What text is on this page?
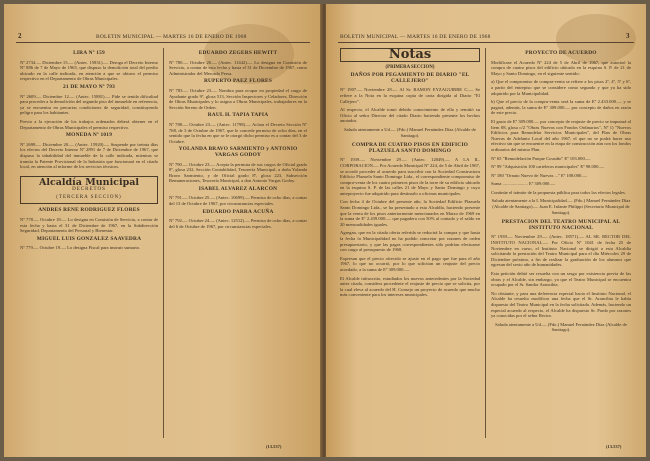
2	BOLETIN MUNICIPAL — MARTES 16 DE ENERO DE 1968
LIRA Nº 159
Nº 2734.— Diciembre 15.— (Antec. 15831).— Deroga el Decreto Interno Nº 886 de 7 de Mayo de 1965, que dispuso la demolición total del predio ubicado en la calle indicada, en atención a que se obtuvo el permiso respectivo en el Departamento de Obras Municipales.
21 DE MAYO Nº 793
Nº 2609.— Diciembre 12.— (Antec. 15881).— Pide se tenida dificultad para proceder a la demolición del segundo piso del inmueble en referencia, ya se encuentra en precarias condiciones de seguridad, constituyendo peligro para los habitantes.
Previo a la ejecución de los trabajos ordenados deberá obtener en el Departamento de Obras Municipales el permiso respectivo.
MONEDA Nº 1019
Nº 2698.— Diciembre 20.— (Antec. 15920).— Suspende por treinta días los efectos del Decreto Interno Nº 2891 de 7 de Diciembre de 1967, que dispuso la inhabilidad del inmueble de la calle indicada, mientras se tramita la Patente Provisional de la Industria que funcionará en el citado local, en atención al informe de los servicios técnicos.
Alcaldía Municipal
DECRETOS
(TERCERA SECCION)
ANDRES RENE RODRIGUEZ FLORES
Nº 778.— Octubre 18.— Lo designa en Comisión de Servicio, a contar de esta fecha y hasta el 31 de Diciembre de 1967, en la Subdirección Seguridad, Departamento del Personal y Bienestar.
MIGUEL LUIS GONZALEZ SAAVEDRA
Nº 779.— Octubre 19.— Lo designa Fiscal para instruir sumario.
EDUARDO ZEGERS HEWITT
Nº 780.— Octubre 20.— (Antec. 11442).— Lo designa en Comisión de Servicio, a contar de esta fecha y hasta el 31 de Diciembre de 1967, como Administrador del Mercado Persa.
RUPERTO PAEZ FLORES
Nº 783.— Octubre 23.— Nombra para ocupar en propiedad el cargo de Ayudante grado 9º, glosa 513, Sección Inspectores y Celadores, Dirección de Obras Municipales y lo asigna a Obras Municipales, trabajadores en la Sección Sereno de Orden.
RAUL H. TAPIA TAPIA
Nº 788.— Octubre 23.— (Antec. 11798).— Aclara el Decreto Sección Nº 768, de 3 de Octubre de 1967, que le concede permiso de ocho días, en el sentido que la fecha en que se le otorgó dicho permiso es a contar del 3 de Octubre.
YOLANDA BRAVO SARMIENTO y ANTONIO VARGAS GODOY
Nº 790.— Octubre 23.— Acepta la permuta de sus cargos de Oficial grado 8º, glosa 232, Sección Contabilidad, Tesorería Municipal, a doña Yolanda Bravo Sarmiento, y de Oficial grado 8º, glosa 223, Subsección Remuneraciones, Tesorería Municipal, a don Antonio Vargas Godoy.
ISABEL ALVAREZ ALARCON
Nº 791.— Octubre 25.— (Antec. 10699).— Permiso de ocho días, a contar del 13 de Octubre de 1967, por circunstancias especiales.
EDUARDO PARRA ACUÑA
Nº 792.— Octubre 24.— (Antec. 12512).— Permiso de ocho días, a contar del 6 de Octubre de 1967, por circunstancias especiales.
(13.537)
BOLETIN MUNICIPAL — MARTES 16 DE ENERO DE 1968	3
Notas
(PRIMERA SECCION)
DAÑOS POR PEGAMIENTO DE DIARIO "EL CALLEJERO"
Nº 1907.— Noviembre 28.— Al Sr. RAMON EYZAGUIRRE C.— Se refiere a la Nota en la esquina copia de carta dirigida al Diario "El Callejero".
Al respecto, el Alcalde tomó debido conocimiento de ella y remitió su Oficio al señor Director del citado Diario haciendo presente los hechos anotados.
Saluda atentamente a Ud.— (Fdo.) Manuel Fernández Díaz (Alcalde de Santiago).
COMPRA DE CUATRO PISOS EN EDIFICIO PLAZUELA SANTO DOMINGO
Nº 1939.— Noviembre 29.— (Antec. 12849).— A LA IL. CORPORACION.— Por Acuerdo Municipal Nº 224, de 5 de Abril de 1967, se acordó proceder al acuerdo para suscribir con la Sociedad Constructora Edificio Plazuela Santo Domingo Ltda., el correspondiente compromiso de compra-venta de los cuatro primeros pisos de la torre de su edificio ubicado en la esquina S. P. de las calles 21 de Mayo y Santo Domingo y cuyo anteproyecto fue adquirido para destinarlo a oficinas municipales.
Con fecha 4 de Octubre del presente año, la Sociedad Edificio Plazuela Santo Domingo Ltda., se ha presentado a esta Alcaldía, haciendo presente que la venta de los pisos anteriormente mencionados en Marzo de 1969 en la suma de Eº 2.439.000.— que pagadera con 50% al contado y el saldo en 20 mensualidades iguales.
Agregan, que en la citada oferta referida se reducirá la compra y que hasta la fecha la Municipalidad no ha podido concretar por razones de orden presupuestario, y que las pagas correspondientes sólo podrían efectuarse con cargo al presupuesto de 1968.
Expresan que el precio ofrecido se ajuste en el pago que fue para el año 1967, lo que no ocurrió, por lo que solicitan un reajuste del precio acordado, a la suma de Eº 309.000.—
El Alcalde infrascrito, estudiados los nuevos antecedentes por la Sociedad antes citada, considera procedente el reajuste de precio que se solicita, por la cual eleva al acuerdo del H. Consejo un proyecto de acuerdo que mucho más conveniente para los intereses municipales.
PROYECTO DE ACUERDO
Modifícase el Acuerdo Nº 224 de 5 de Abril de 1967, que autorizó la compra de cuatro pisos del edificio ubicado en la esquina S. P. de 21 de Mayo y Santo Domingo, en el siguiente sentido:
a) Que el compromiso de compra-venta se refiere a los pisos 2º, 4º, 5º y 6º, a partir del entrepiso que se considere como segundo y que ya ha sido adquirido por la Municipalidad.
b) Que el precio de la compra-venta será la suma de Eº 2.433.000.— y se pagará, además, la suma de Eº 309.000.— por concepto de daños en razón de este precio.
El gasto de Eº 309.000.— por concepto de reajuste de precio se imputará al Item 08, glosa c/2 "Obras Nuevas con Fondos Ordinarios", Nº 1) "Nuevos Edificios para Remodelar Servicios Municipales", del Plan de Obras Nuevas de Adelanto Local del año 1967, el que no se podrá hacer uso efectivo sin que se encuentre en la etapa de construcción aún con los fondos ordinarios del mismo Plan.
Nº 65 "Remodelación Parque Cousiño" Eº 103.000.—
Nº 99 "Adquisición 100 carteleros municipales" Eº 98.000.—
Nº 180 "Ornato Nuevo de Nuevas ..." Eº 108.000.—
Suma ...................... Eº 309.000.—
Continúe el trámite de la propuesta pública para todos los efectos legales.
Saluda atentamente a la I. Municipalidad.— (Fdo.) Manuel Fernández Díaz (Alcalde de Santiago).— Juan E. Infante Philippi (Secretario Municipal de Santiago).
PRESTACION DEL TEATRO MUNICIPAL AL INSTITUTO NACIONAL
Nº 1939.— Noviembre 29.— (Antec. 18571).— AL SR. RECTOR DEL INSTITUTO NACIONAL.— Por Oficio Nº 1041 de fecha 25 de Noviembre en curso, el Instituto Nacional se dirigió a esta Alcaldía solicitando la prestación del Teatro Municipal para el día Miércoles 29 de Diciembre próximo, a fin de realizar la graduación de los alumnos que egresan del sexto año de humanidades.
Esta petición debió ser resuelta con un sesgo por existencia previa de las obras y el Alcalde, sin embargo, ya que el Teatro Municipal se encuentra ocupado por el Sr. Sandor Arancibia.
No obstante, y para una deferencia especial hacia el Instituto Nacional, el Alcalde ha resuelto modificar una fecha que el Sr. Arancibia le había dispuesto del Teatro Municipal en la fecha solicitada. Además, haciendo un especial acuerdo al respecto, el Alcalde ha dispuesto Sr. Pardo por razones ya conocidas por el señor Rector.
Saluda atentamente a Ud.— (Fdo.) Manuel Fernández Díaz (Alcalde de Santiago).
(13.537)
